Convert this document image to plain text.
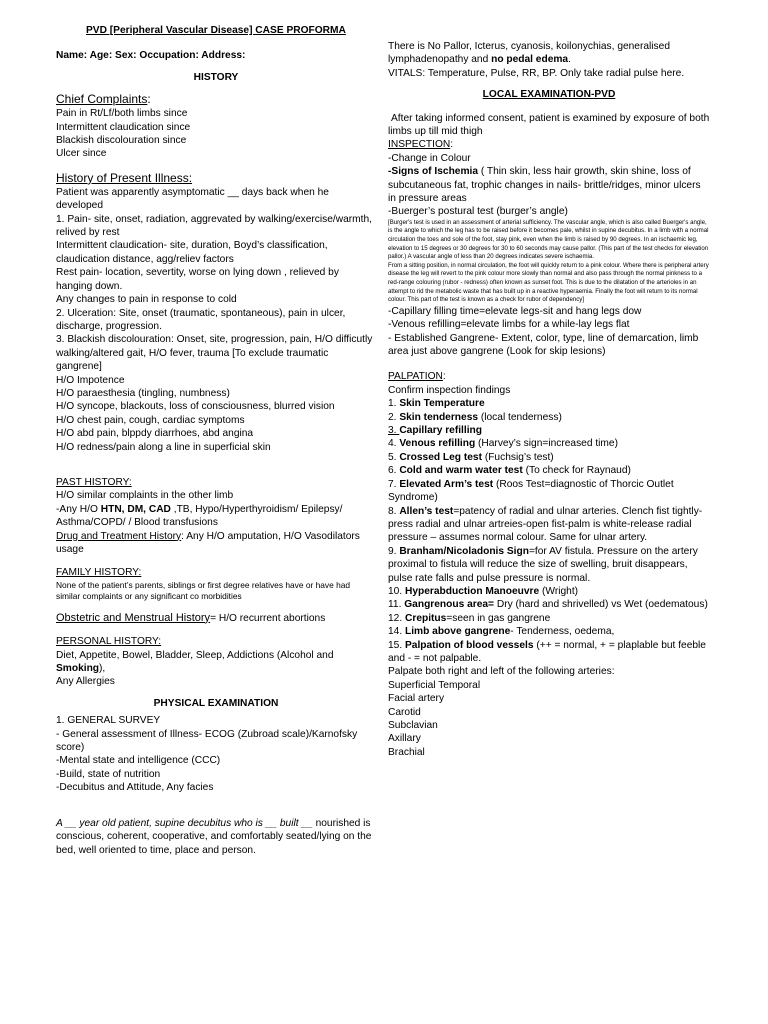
PVD [Peripheral Vascular Disease] CASE PROFORMA
Name: Age: Sex: Occupation: Address:
HISTORY
Chief Complaints:
Pain in Rt/Lf/both limbs since
Intermittent claudication since
Blackish discolouration since
Ulcer since
History of Present Illness:
Patient was apparently asymptomatic __ days back when he developed
1. Pain- site, onset, radiation, aggrevated by walking/exercise/warmth, relived by rest
Intermittent claudication- site, duration, Boyd’s classification, claudication distance, agg/reliev factors
Rest pain- location, severtity, worse on lying down , relieved by hanging down.
Any changes to pain in response to cold
2. Ulceration: Site, onset (traumatic, spontaneous), pain in ulcer, discharge, progression.
3. Blackish discolouration: Onset, site, progression, pain, H/O difficutly walking/altered gait, H/O fever, trauma [To exclude traumatic gangrene]
H/O Impotence
H/O paraesthesia (tingling, numbness)
H/O syncope, blackouts, loss of consciousness, blurred vision
H/O chest pain, cough, cardiac symptoms
H/O abd pain, blppdy diarrhoes, abd angina
H/O redness/pain along a line in superficial skin
PAST HISTORY:
H/O similar complaints in the other limb
-Any H/O HTN, DM, CAD ,TB, Hypo/Hyperthyroidism/ Epilepsy/ Asthma/COPD/ / Blood transfusions
Drug and Treatment History: Any H/O amputation, H/O Vasodilators usage
FAMILY HISTORY:
None of the patient’s parents, siblings or first degree relatives have or have had similar complaints or any significant co morbidities
Obstetric and Menstrual History= H/O recurrent abortions
PERSONAL HISTORY:
Diet, Appetite, Bowel, Bladder, Sleep, Addictions (Alcohol and Smoking),
Any Allergies
PHYSICAL EXAMINATION
1. GENERAL SURVEY
- General assessment of Illness- ECOG (Zubroad scale)/Karnofsky score)
-Mental state and intelligence (CCC)
-Build, state of nutrition
-Decubitus and Attitude, Any facies
A __ year old patient, supine decubitus who is __ built __ nourished is conscious, coherent, cooperative, and comfortably seated/lying on the bed, well oriented to time, place and person.
There is No Pallor, Icterus, cyanosis, koilonychias, generalised lymphadenopathy and no pedal edema.
VITALS: Temperature, Pulse, RR, BP. Only take radial pulse here.
LOCAL EXAMINATION-PVD
After taking informed consent, patient is examined by exposure of both limbs up till mid thigh
INSPECTION:
-Change in Colour
-Signs of Ischemia ( Thin skin, less hair growth, skin shine, loss of subcutaneous fat, trophic changes in nails- brittle/ridges, minor ulcers in pressure areas
-Buerger’s postural test (burger’s angle)
[Burger's test is used in an assessment of arterial sufficiency. The vascular angle, which is also called Buerger's angle, is the angle to which the leg has to be raised before it becomes pale, whilst in supine decubitus. In a limb with a normal circulation the toes and sole of the foot, stay pink, even when the limb is raised by 90 degrees. In an ischaemic leg, elevation to 15 degrees or 30 degrees for 30 to 60 seconds may cause pallor. (This part of the test checks for elevation pallor.) A vascular angle of less than 20 degrees indicates severe ischaemia.
From a sitting position, in normal circulation, the foot will quickly return to a pink colour. Where there is peripheral artery disease the leg will revert to the pink colour more slowly than normal and also pass through the normal pinkness to a red-range colouring (rubor - redness) often known as sunset foot. This is due to the dilatation of the arterioles in an attempt to rid the metabolic waste that has built up in a reactive hyperaemia. Finally the foot will return to its normal colour. This part of the test is known as a check for rubor of dependency]
-Capillary filling time=elevate legs-sit and hang legs dow
-Venous refilling=elevate limbs for a while-lay legs flat
- Established Gangrene- Extent, color, type, line of demarcation, limb area just above gangrene (Look for skip lesions)
PALPATION:
Confirm inspection findings
1. Skin Temperature
2. Skin tenderness (local tenderness)
3. Capillary refilling
4. Venous refilling (Harvey’s sign=increased time)
5. Crossed Leg test (Fuchsig’s test)
6. Cold and warm water test (To check for Raynaud)
7. Elevated Arm’s test (Roos Test=diagnostic of Thorcic Outlet Syndrome)
8. Allen’s test=patency of radial and ulnar arteries. Clench fist tightly-press radial and ulnar artreies-open fist-palm is white-release radial pressure – assumes normal colour. Same for ulnar artery.
9. Branham/Nicoladonis Sign=for AV fistula. Pressure on the artery proximal to fistula will reduce the size of swelling, bruit disappears, pulse rate falls and pulse pressure is normal.
10. Hyperabduction Manoeuvre (Wright)
11. Gangrenous area= Dry (hard and shrivelled) vs Wet (oedematous)
12. Crepitus=seen in gas gangrene
14. Limb above gangrene- Tenderness, oedema,
15. Palpation of blood vessels (++ = normal, + = plaplable but feeble and - = not palpable.
Palpate both right and left of the following arteries:
Superficial Temporal
Facial artery
Carotid
Subclavian
Axillary
Brachial
